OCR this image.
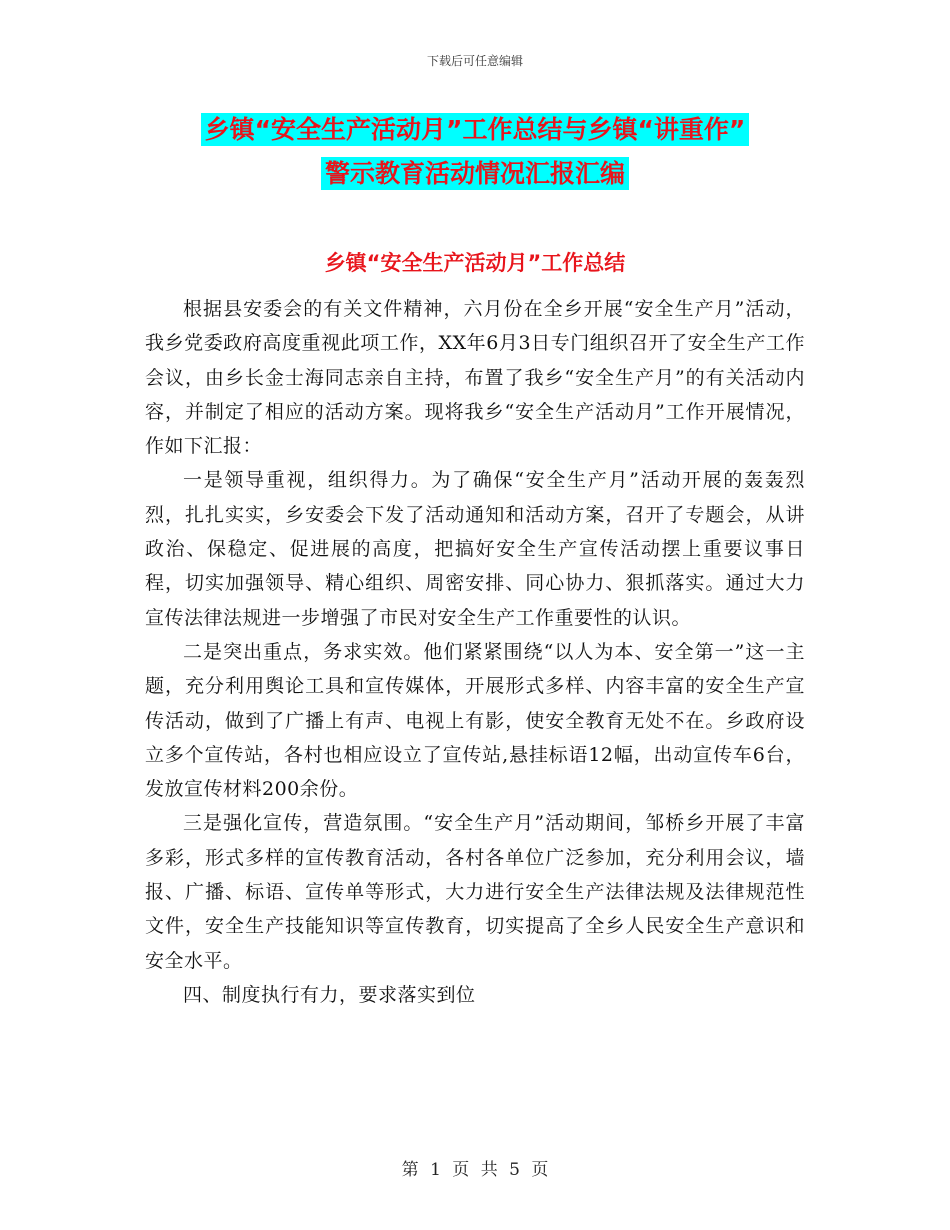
下载后可任意编辑
乡镇“安全生产活动月”工作总结与乡镇“讲重作”
警示教育活动情况汇报汇编
乡镇“安全生产活动月”工作总结

根据县安委会的有关文件精神，六月份在全乡开展“安全生产月”活动，我乡党委政府高度重视此项工作，XX年6月3日专门组织召开了安全生产工作会议，由乡长金士海同志亲自主持，布置了我乡“安全生产月”的有关活动内容，并制定了相应的活动方案。现将我乡“安全生产活动月”工作开展情况，作如下汇报：

一是领导重视，组织得力。为了确保“安全生产月”活动开展的轰轰烈烈，扎扎实实，乡安委会下发了活动通知和活动方案，召开了专题会，从讲政治、保稳定、促进展的高度，把搞好安全生产宣传活动摆上重要议事日程，切实加强领导、精心组织、周密安排、同心协力、狠抓落实。通过大力宣传法律法规进一步增强了市民对安全生产工作重要性的认识。

二是突出重点，务求实效。他们紧紧围绕“以人为本、安全第一”这一主题，充分利用舆论工具和宣传媒体，开展形式多样、内容丰富的安全生产宣传活动，做到了广播上有声、电视上有影，使安全教育无处不在。乡政府设立多个宣传站，各村也相应设立了宣传站,悬挂标语12幅，出动宣传车6台，发放宣传材料200余份。

三是强化宣传，营造氛围。“安全生产月”活动期间，邹桥乡开展了丰富多彩，形式多样的宣传教育活动，各村各单位广泛参加，充分利用会议，墙报、广播、标语、宣传单等形式，大力进行安全生产法律法规及法律规范性文件，安全生产技能知识等宣传教育，切实提高了全乡人民安全生产意识和安全水平。

四、制度执行有力，要求落实到位

第 1 页 共 5 页
